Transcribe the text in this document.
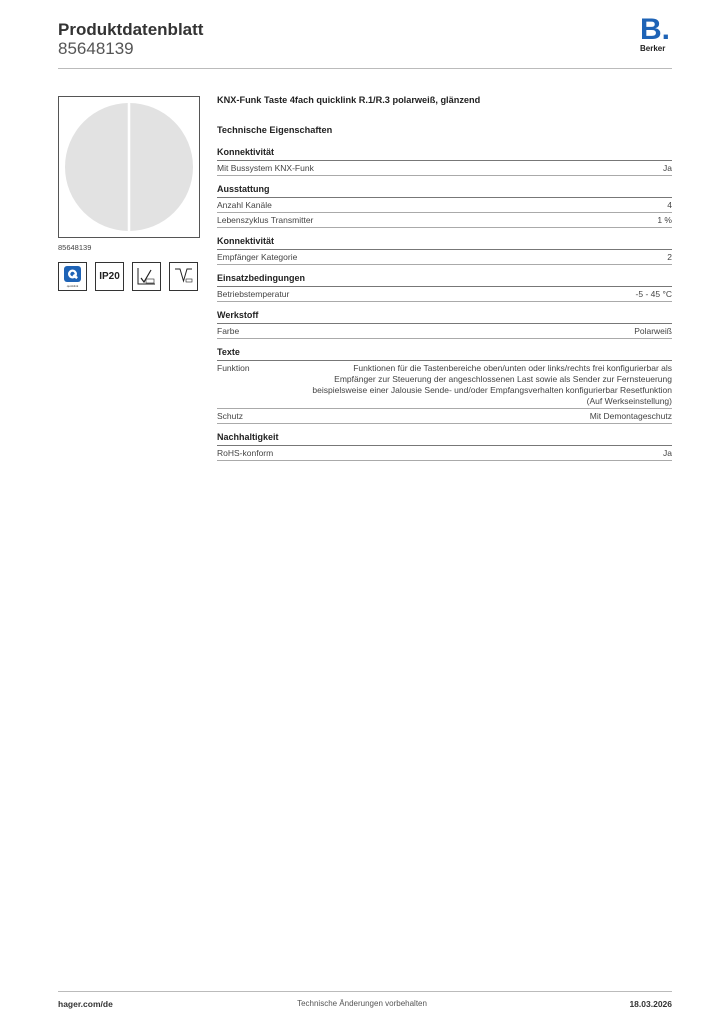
Produktdatenblatt
85648139
B.
Berker
85648139
quicklink
IP20
KNX-Funk Taste 4fach quicklink R.1/R.3 polarweiß, glänzend
Technische Eigenschaften
Konnektivität
Mit Bussystem KNX-Funk	Ja
Ausstattung
Anzahl Kanäle	4
Lebenszyklus Transmitter	1 %
Konnektivität
Empfänger Kategorie	2
Einsatzbedingungen
Betriebstemperatur	-5 - 45 °C
Werkstoff
Farbe	Polarweiß
Texte
Funktion	Funktionen für die Tastenbereiche oben/unten oder links/rechts frei konfigurierbar als Empfänger zur Steuerung der angeschlossenen Last sowie als Sender zur Fernsteuerung beispielsweise einer Jalousie Sende- und/oder Empfangsverhalten konfigurierbar Resetfunktion (Auf Werkseinstellung)
Schutz	Mit Demontageschutz
Nachhaltigkeit
RoHS-konform	Ja
hager.com/de	Technische Änderungen vorbehalten	18.03.2026
